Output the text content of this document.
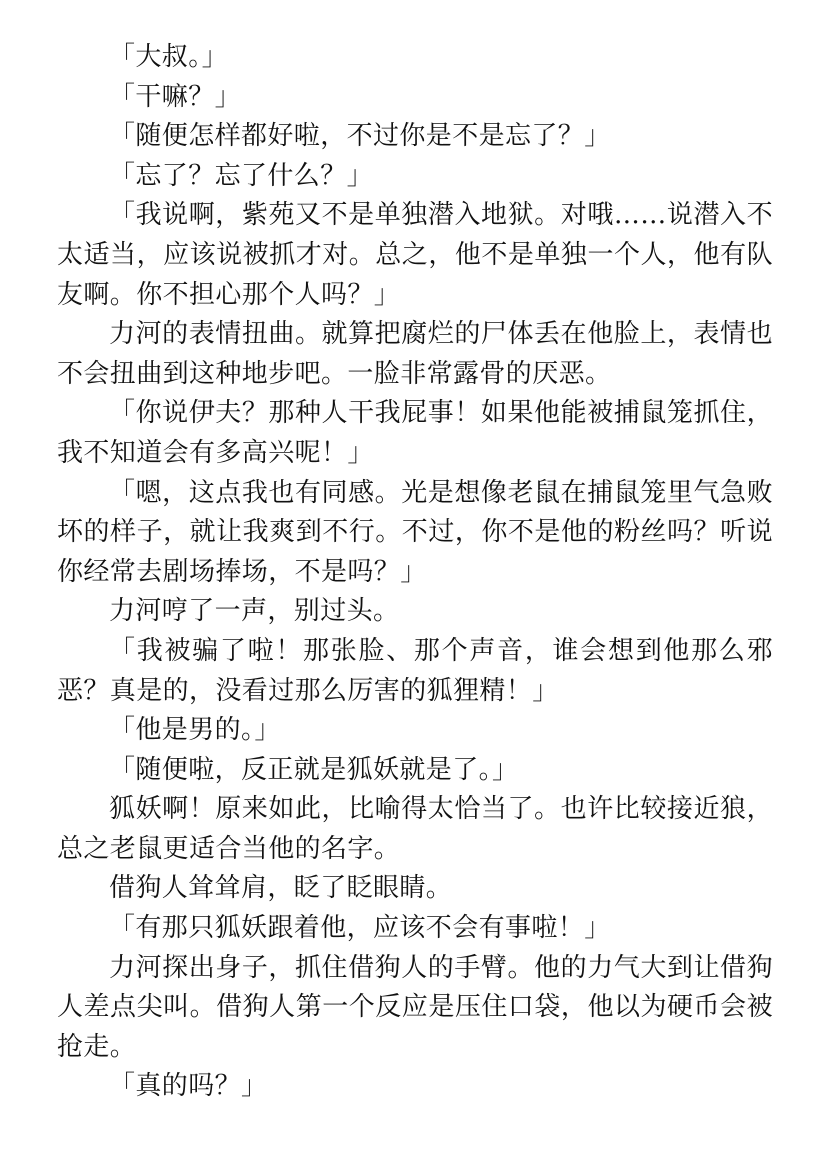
「大叔。」

「干嘛？」

「随便怎样都好啦，不过你是不是忘了？」

「忘了？忘了什么？」

「我说啊，紫苑又不是单独潜入地狱。对哦……说潜入不太适当，应该说被抓才对。总之，他不是单独一个人，他有队友啊。你不担心那个人吗？」

力河的表情扭曲。就算把腐烂的尸体丢在他脸上，表情也不会扭曲到这种地步吧。一脸非常露骨的厌恶。

「你说伊夫？那种人干我屁事！如果他能被捕鼠笼抓住，我不知道会有多高兴呢！」

「嗯，这点我也有同感。光是想像老鼠在捕鼠笼里气急败坏的样子，就让我爽到不行。不过，你不是他的粉丝吗？听说你经常去剧场捧场，不是吗？」

力河哼了一声，别过头。

「我被骗了啦！那张脸、那个声音，谁会想到他那么邪恶？真是的，没看过那么厉害的狐狸精！」

「他是男的。」

「随便啦，反正就是狐妖就是了。」

狐妖啊！原来如此，比喻得太恰当了。也许比较接近狼，总之老鼠更适合当他的名字。

借狗人耸耸肩，眨了眨眼睛。

「有那只狐妖跟着他，应该不会有事啦！」

力河探出身子，抓住借狗人的手臂。他的力气大到让借狗人差点尖叫。借狗人第一个反应是压住口袋，他以为硬币会被抢走。

「真的吗？」
